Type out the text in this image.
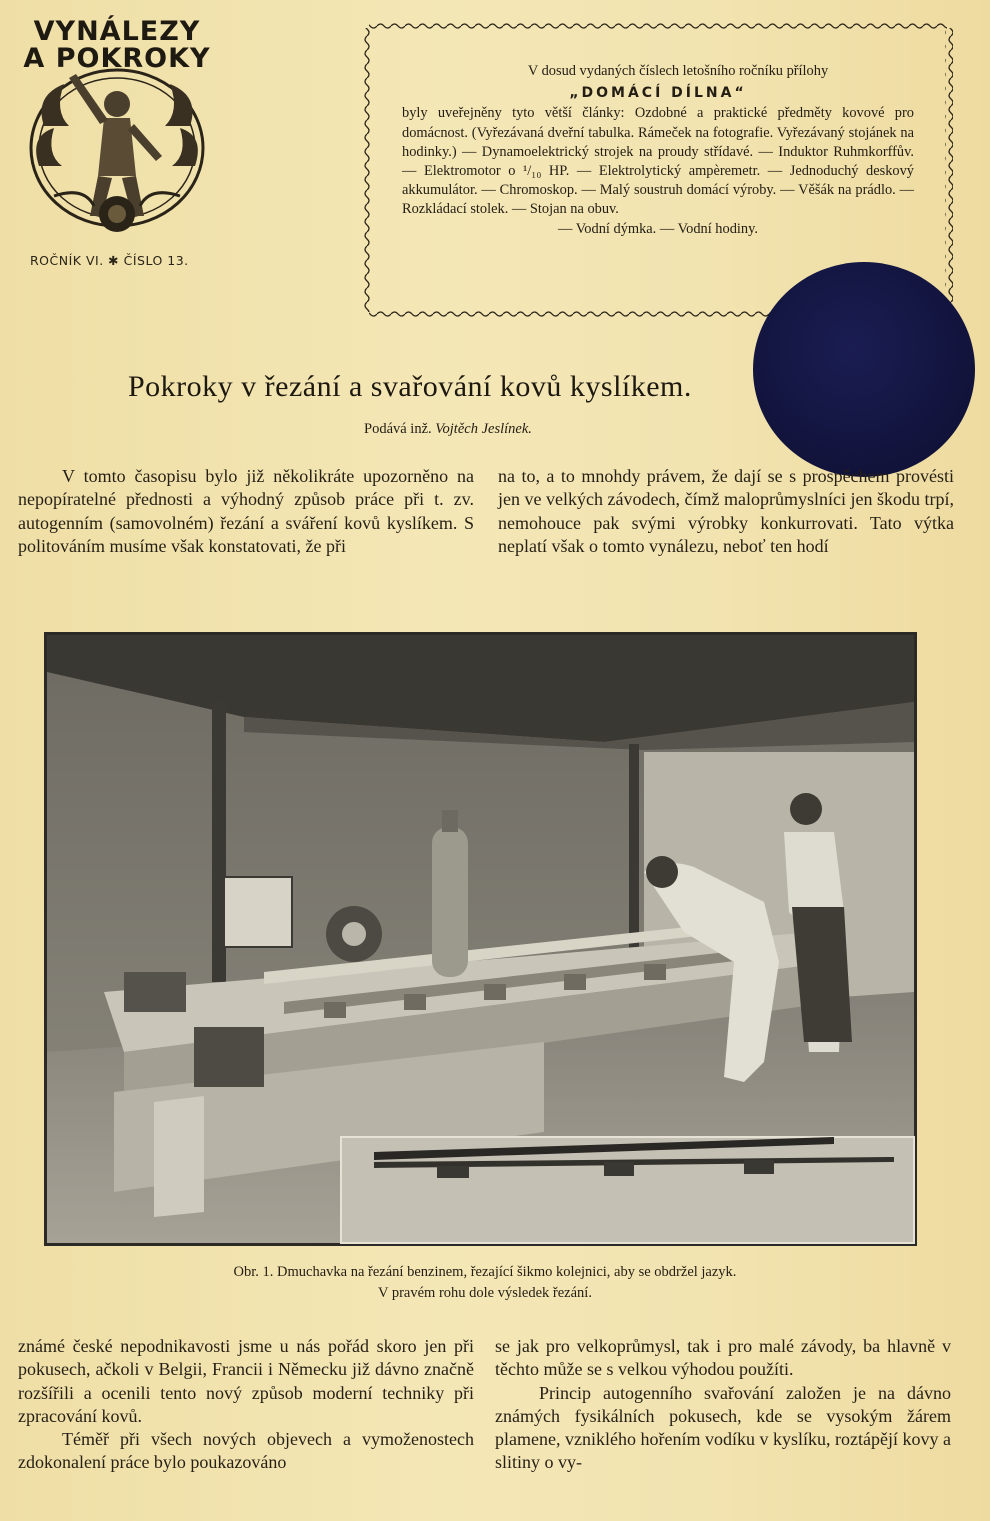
VYNÁLEZY
A POKROKY
ROČNÍK VI. ✱ ČÍSLO 13.
V dosud vydaných číslech letošního ročníku přílohy
„DOMÁCÍ DÍLNA“
byly uveřejněny tyto větší články: Ozdobné a praktické předměty kovové pro domácnost. (Vyřezávaná dveřní tabulka. Rámeček na fotografie. Vyřezávaný stojánek na hodinky.) — Dynamoelektrický strojek na proudy střídavé. — Induktor Ruhmkorffův. — Elektromotor o ¹/₁₀ HP. — Elektrolytický ampèremetr. — Jednoduchý deskový akkumulátor. — Chromoskop. — Malý soustruh domácí výroby. — Věšák na prádlo. — Rozkládací stolek. — Stojan na obuv.
— Vodní dýmka. — Vodní hodiny.
Pokroky v řezání a svařování kovů kyslíkem.
Podává inž. Vojtěch Jeslínek.

V tomto časopisu bylo již několikráte upozorněno na nepopíratelné přednosti a výhodný způsob práce při t. zv. autogenním (samovolném) řezání a sváření kovů kyslíkem. S politováním musíme však konstatovati, že při

na to, a to mnohdy právem, že dají se s prospěchem provésti jen ve velkých závodech, čímž maloprůmyslníci jen škodu trpí, nemohouce pak svými výrobky konkurrovati. Tato výtka neplatí však o tomto vynálezu, neboť ten hodí

Obr. 1. Dmuchavka na řezání benzinem, řezající šikmo kolejnici, aby se obdržel jazyk.
V pravém rohu dole výsledek řezání.

známé české nepodnikavosti jsme u nás pořád skoro jen při pokusech, ačkoli v Belgii, Francii i Německu již dávno značně rozšířili a ocenili tento nový způsob moderní techniky při zpracování kovů.

Téměř při všech nových objevech a vymoženostech zdokonalení práce bylo poukazováno

se jak pro velkoprůmysl, tak i pro malé závody, ba hlavně v těchto může se s velkou výhodou použíti.

Princip autogenního svařování založen je na dávno známých fysikálních pokusech, kde se vysokým žárem plamene, vzniklého hořením vodíku v kyslíku, roztápějí kovy a slitiny o vy-
